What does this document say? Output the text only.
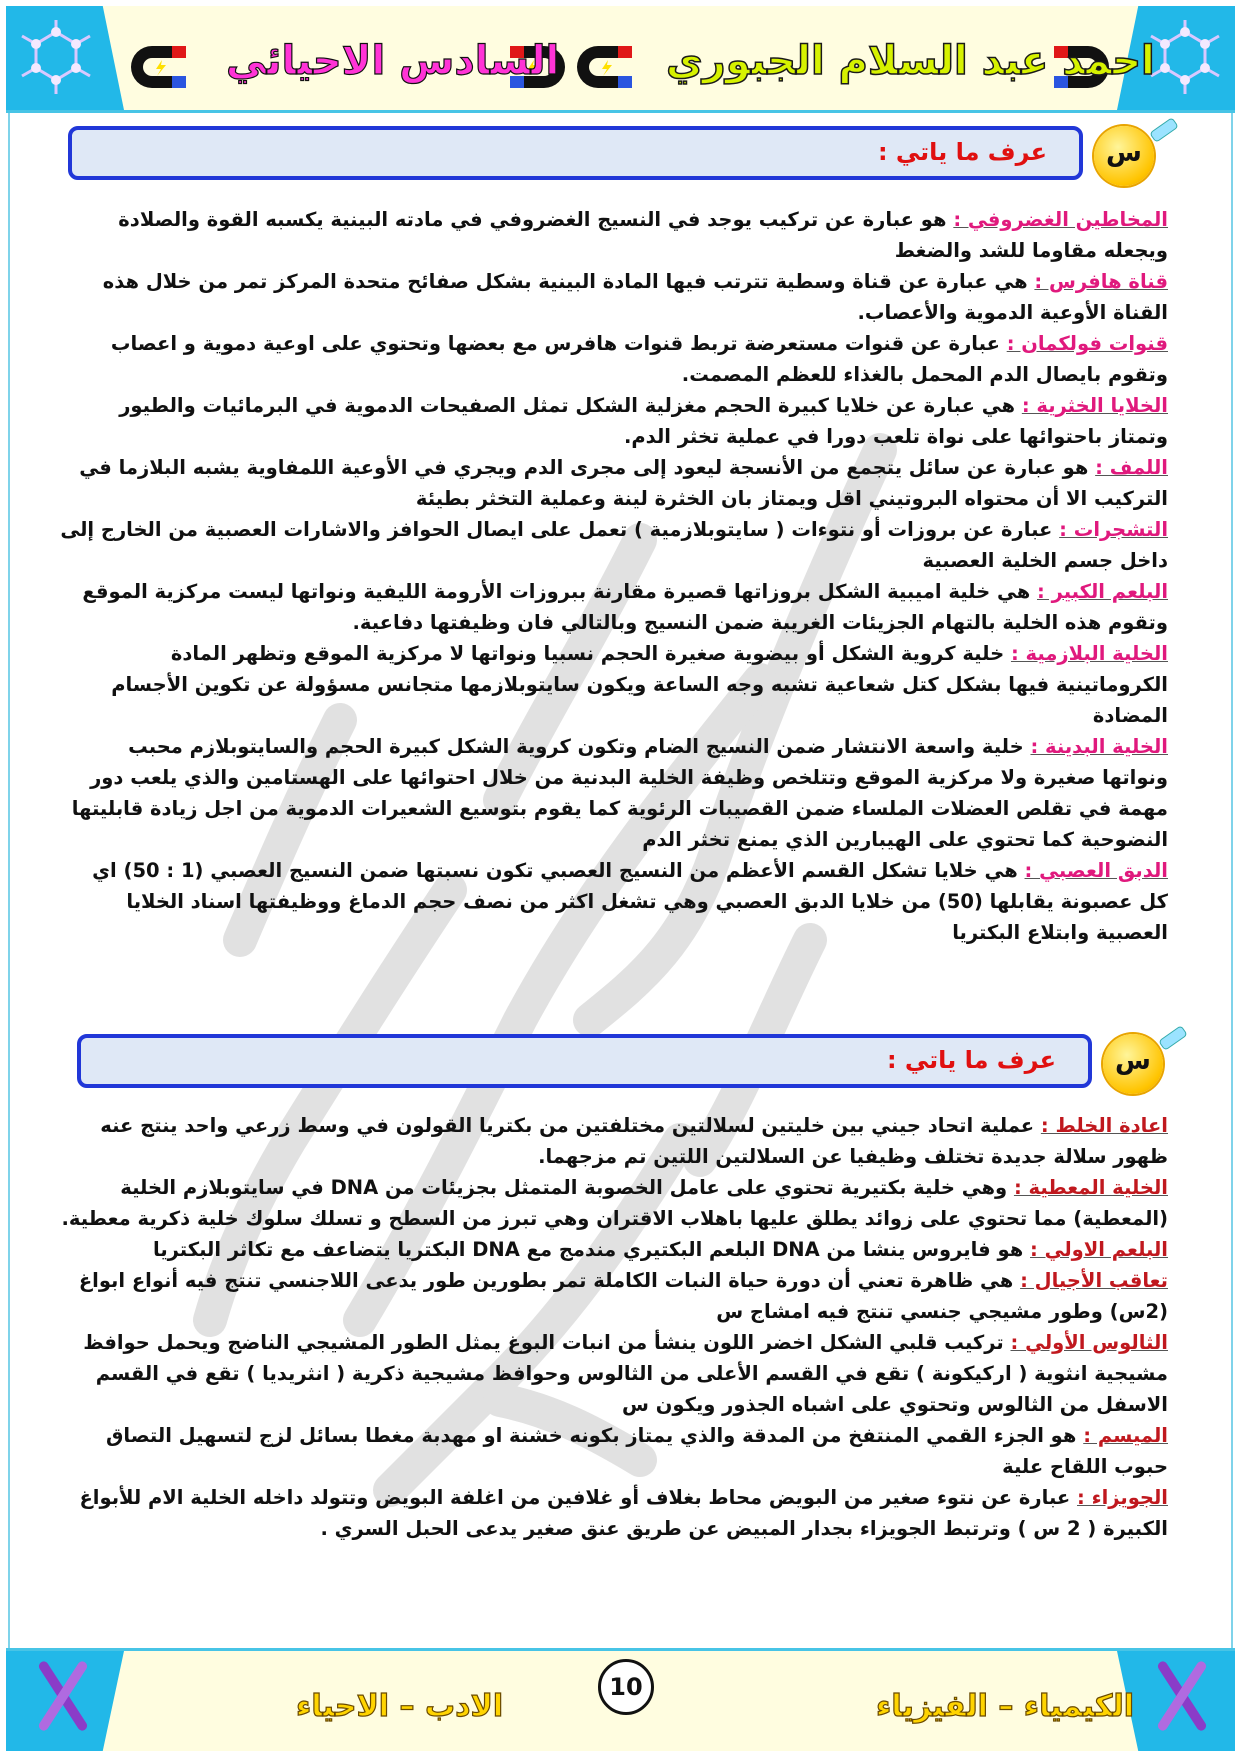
السادس الاحيائي	احمد عبد السلام الجبوري
عرف ما ياتي :	س

المخاطين الغضروفي : هو عبارة عن تركيب يوجد في النسيج الغضروفي في مادته البينية يكسبه القوة والصلادة ويجعله مقاوما للشد والضغط

قناة هافرس : هي عبارة عن قناة وسطية تترتب فيها المادة البينية بشكل صفائح متحدة المركز تمر من خلال هذه القناة الأوعية الدموية والأعصاب.

قنوات فولكمان : عبارة عن قنوات مستعرضة تربط قنوات هافرس مع بعضها وتحتوي على اوعية دموية و اعصاب وتقوم بايصال الدم المحمل بالغذاء للعظم المصمت.

الخلايا الخثرية : هي عبارة عن خلايا كبيرة الحجم مغزلية الشكل تمثل الصفيحات الدموية في البرمائيات والطيور وتمتاز باحتوائها على نواة تلعب دورا في عملية تخثر الدم.

اللمف : هو عبارة عن سائل يتجمع من الأنسجة ليعود إلى مجرى الدم ويجري في الأوعية اللمفاوية يشبه البلازما في التركيب الا أن محتواه البروتيني اقل ويمتاز بان الخثرة لينة وعملية التخثر بطيئة

التشجرات : عبارة عن بروزات أو نتوءات ( سايتوبلازمية ) تعمل على ايصال الحوافز والاشارات العصبية من الخارج إلى داخل جسم الخلية العصبية

البلعم الكبير : هي خلية اميبية الشكل بروزاتها قصيرة مقارنة ببروزات الأرومة الليفية ونواتها ليست مركزية الموقع وتقوم هذه الخلية بالتهام الجزيئات الغريبة ضمن النسيج وبالتالي فان وظيفتها دفاعية.

الخلية البلازمية : خلية كروية الشكل أو بيضوية صغيرة الحجم نسبيا ونواتها لا مركزية الموقع وتظهر المادة الكروماتينية فيها بشكل كتل شعاعية تشبه وجه الساعة ويكون سايتوبلازمها متجانس مسؤولة عن تكوين الأجسام المضادة

الخلية البدينة : خلية واسعة الانتشار ضمن النسيج الضام وتكون كروية الشكل كبيرة الحجم والسايتوبلازم محبب ونواتها صغيرة ولا مركزية الموقع وتتلخص وظيفة الخلية البدنية من خلال احتوائها على الهستامين والذي يلعب دور مهمة في تقلص العضلات الملساء ضمن القصيبات الرئوية كما يقوم بتوسيع الشعيرات الدموية من اجل زيادة قابليتها النضوحية كما تحتوي على الهيبارين الذي يمنع تخثر الدم

الدبق العصبي : هي خلايا تشكل القسم الأعظم من النسيج العصبي تكون نسبتها ضمن النسيج العصبي (1 : 50) اي كل عصبونة يقابلها (50) من خلايا الدبق العصبي وهي تشغل اكثر من نصف حجم الدماغ ووظيفتها اسناد الخلايا العصبية وابتلاع البكتريا

عرف ما ياتي :	س

اعادة الخلط : عملية اتحاد جيني بين خليتين لسلالتين مختلفتين من بكتريا القولون في وسط زرعي واحد ينتج عنه ظهور سلالة جديدة تختلف وظيفيا عن السلالتين اللتين تم مزجهما.

الخلية المعطية : وهي خلية بكتيرية تحتوي على عامل الخصوبة المتمثل بجزيئات من DNA في سايتوبلازم الخلية (المعطية) مما تحتوي على زوائد يطلق عليها باهلاب الاقتران وهي تبرز من السطح و تسلك سلوك خلية ذكرية معطية.

البلعم الاولي : هو فايروس ينشا من DNA البلعم البكتيري مندمج مع DNA البكتريا يتضاعف مع تكاثر البكتريا

تعاقب الأجيال : هي ظاهرة تعني أن دورة حياة النبات الكاملة تمر بطورين طور يدعى اللاجنسي تنتج فيه أنواع ابواغ (2س) وطور مشيجي جنسي تنتج فيه امشاج س

الثالوس الأولي : تركيب قلبي الشكل اخضر اللون ينشأ من انبات البوغ يمثل الطور المشيجي الناضج ويحمل حوافظ مشيجية انثوية ( اركيكونة ) تقع في القسم الأعلى من الثالوس وحوافظ مشيجية ذكرية ( انثريديا ) تقع في القسم الاسفل من الثالوس وتحتوي على اشباه الجذور ويكون س

الميسم : هو الجزء القمي المنتفخ من المدقة والذي يمتاز بكونه خشنة او مهدبة مغطا بسائل لزج لتسهيل التصاق حبوب اللقاح علية

الجويزاء : عبارة عن نتوء صغير من البويض محاط بغلاف أو غلافين من اغلفة البويض وتتولد داخله الخلية الام للأبواغ الكبيرة ( 2 س ) وترتبط الجويزاء بجدار المبيض عن طريق عنق صغير يدعى الحبل السري .

الادب – الاحياء
10
الكيمياء – الفيزياء
